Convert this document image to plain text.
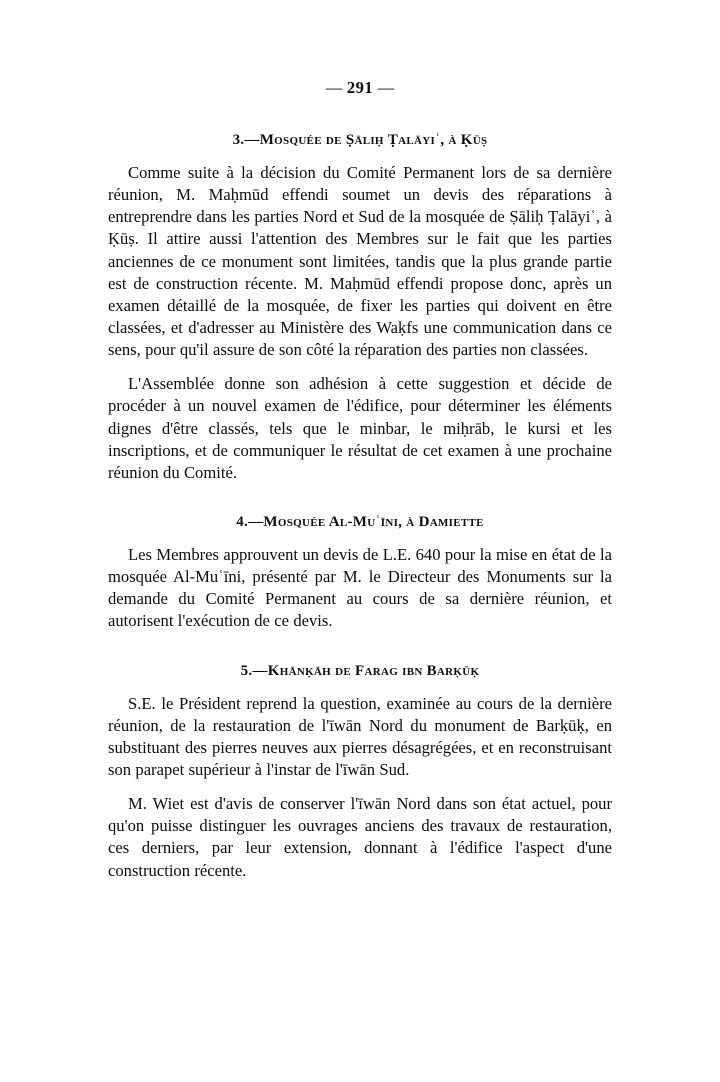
— 291 —
3.—Mosquée de Ṣāliḥ Ṭalāyiʿ, à Ḳūṣ

Comme suite à la décision du Comité Permanent lors de sa dernière réunion, M. Maḥmūd effendi soumet un devis des réparations à entreprendre dans les parties Nord et Sud de la mosquée de Ṣāliḥ Ṭalāyiʿ, à Ḳūṣ. Il attire aussi l'attention des Membres sur le fait que les parties anciennes de ce monument sont limitées, tandis que la plus grande partie est de construction récente. M. Maḥmūd effendi propose donc, après un examen détaillé de la mosquée, de fixer les parties qui doivent en être classées, et d'adresser au Ministère des Waḳfs une communication dans ce sens, pour qu'il assure de son côté la réparation des parties non classées.

L'Assemblée donne son adhésion à cette suggestion et décide de procéder à un nouvel examen de l'édifice, pour déterminer les éléments dignes d'être classés, tels que le minbar, le miḥrāb, le kursi et les inscriptions, et de communiquer le résultat de cet examen à une prochaine réunion du Comité.

4.—Mosquée Al-Muʿīni, à Damiette

Les Membres approuvent un devis de L.E. 640 pour la mise en état de la mosquée Al-Muʿīni, présenté par M. le Directeur des Monuments sur la demande du Comité Permanent au cours de sa dernière réunion, et autorisent l'exécution de ce devis.

5.—Khānḳāh de Farag ibn Barḳūḳ

S.E. le Président reprend la question, examinée au cours de la dernière réunion, de la restauration de l'īwān Nord du monument de Barḳūḳ, en substituant des pierres neuves aux pierres désagrégées, et en reconstruisant son parapet supérieur à l'instar de l'īwān Sud.

M. Wiet est d'avis de conserver l'īwān Nord dans son état actuel, pour qu'on puisse distinguer les ouvrages anciens des travaux de restauration, ces derniers, par leur extension, donnant à l'édifice l'aspect d'une construction récente.
